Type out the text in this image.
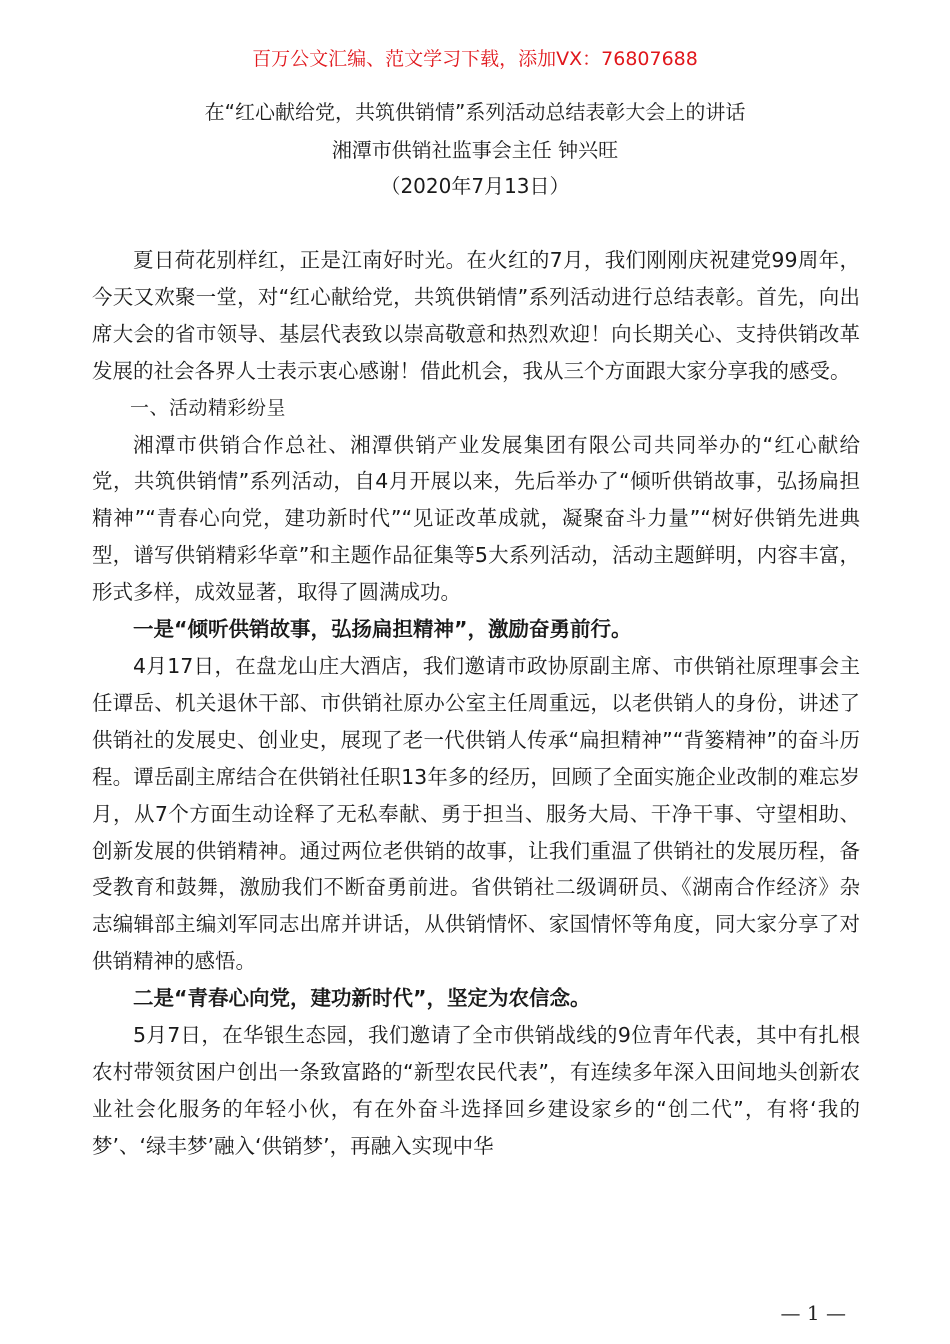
百万公文汇编、范文学习下载，添加VX：76807688
在“红心献给党，共筑供销情”系列活动总结表彰大会上的讲话
湘潭市供销社监事会主任 钟兴旺
（2020年7月13日）

夏日荷花别样红，正是江南好时光。在火红的7月，我们刚刚庆祝建党99周年，今天又欢聚一堂，对“红心献给党，共筑供销情”系列活动进行总结表彰。首先，向出席大会的省市领导、基层代表致以崇高敬意和热烈欢迎！向长期关心、支持供销改革发展的社会各界人士表示衷心感谢！借此机会，我从三个方面跟大家分享我的感受。

一、活动精彩纷呈

湘潭市供销合作总社、湘潭供销产业发展集团有限公司共同举办的“红心献给党，共筑供销情”系列活动，自4月开展以来，先后举办了“倾听供销故事，弘扬扁担精神”“青春心向党，建功新时代”“见证改革成就，凝聚奋斗力量”“树好供销先进典型，谱写供销精彩华章”和主题作品征集等5大系列活动，活动主题鲜明，内容丰富，形式多样，成效显著，取得了圆满成功。

一是“倾听供销故事，弘扬扁担精神”，激励奋勇前行。

4月17日，在盘龙山庄大酒店，我们邀请市政协原副主席、市供销社原理事会主任谭岳、机关退休干部、市供销社原办公室主任周重远，以老供销人的身份，讲述了供销社的发展史、创业史，展现了老一代供销人传承“扁担精神”“背篓精神”的奋斗历程。谭岳副主席结合在供销社任职13年多的经历，回顾了全面实施企业改制的难忘岁月，从7个方面生动诠释了无私奉献、勇于担当、服务大局、干净干事、守望相助、创新发展的供销精神。通过两位老供销的故事，让我们重温了供销社的发展历程，备受教育和鼓舞，激励我们不断奋勇前进。省供销社二级调研员、《湖南合作经济》杂志编辑部主编刘军同志出席并讲话，从供销情怀、家国情怀等角度，同大家分享了对供销精神的感悟。

二是“青春心向党，建功新时代”，坚定为农信念。

5月7日，在华银生态园，我们邀请了全市供销战线的9位青年代表，其中有扎根农村带领贫困户创出一条致富路的“新型农民代表”，有连续多年深入田间地头创新农业社会化服务的年轻小伙，有在外奋斗选择回乡建设家乡的“创二代”，有将‘我的梦’、‘绿丰梦’融入‘供销梦’，再融入实现中华

— 1 —
